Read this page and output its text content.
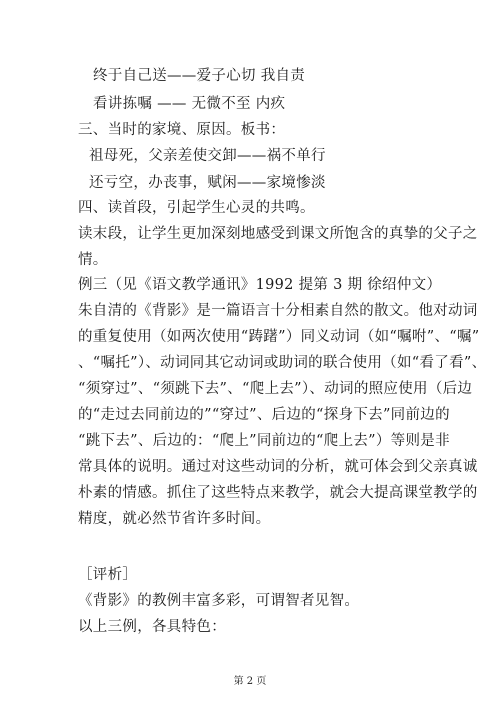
终于自己送——爱子心切 我自责
看讲拣嘱 —— 无微不至 内疚
三、当时的家境、原因。板书：
祖母死，父亲差使交卸——祸不单行
还亏空，办丧事，赋闲——家境惨淡
四、读首段，引起学生心灵的共鸣。
读末段，让学生更加深刻地感受到课文所饱含的真挚的父子之
情。
例三（见《语文教学通讯》1992 提第 3 期 徐绍仲文）
朱自清的《背影》是一篇语言十分相素自然的散文。他对动词
的重复使用（如两次使用“踌躇”）同义动词（如“嘱咐”、“嘱”
、“嘱托”）、动词同其它动词或助词的联合使用（如“看了看”、
“须穿过”、“须跳下去”、“爬上去”）、动词的照应使用（后边
的“走过去同前边的”“穿过”、后边的“探身下去”同前边的
“跳下去”、后边的：“爬上”同前边的“爬上去”）等则是非
常具体的说明。通过对这些动词的分析，就可体会到父亲真诚
朴素的情感。抓住了这些特点来教学，就会大提高课堂教学的
精度，就必然节省许多时间。
［评析］
《背影》的教例丰富多彩，可谓智者见智。
以上三例，各具特色：
第 2 页
